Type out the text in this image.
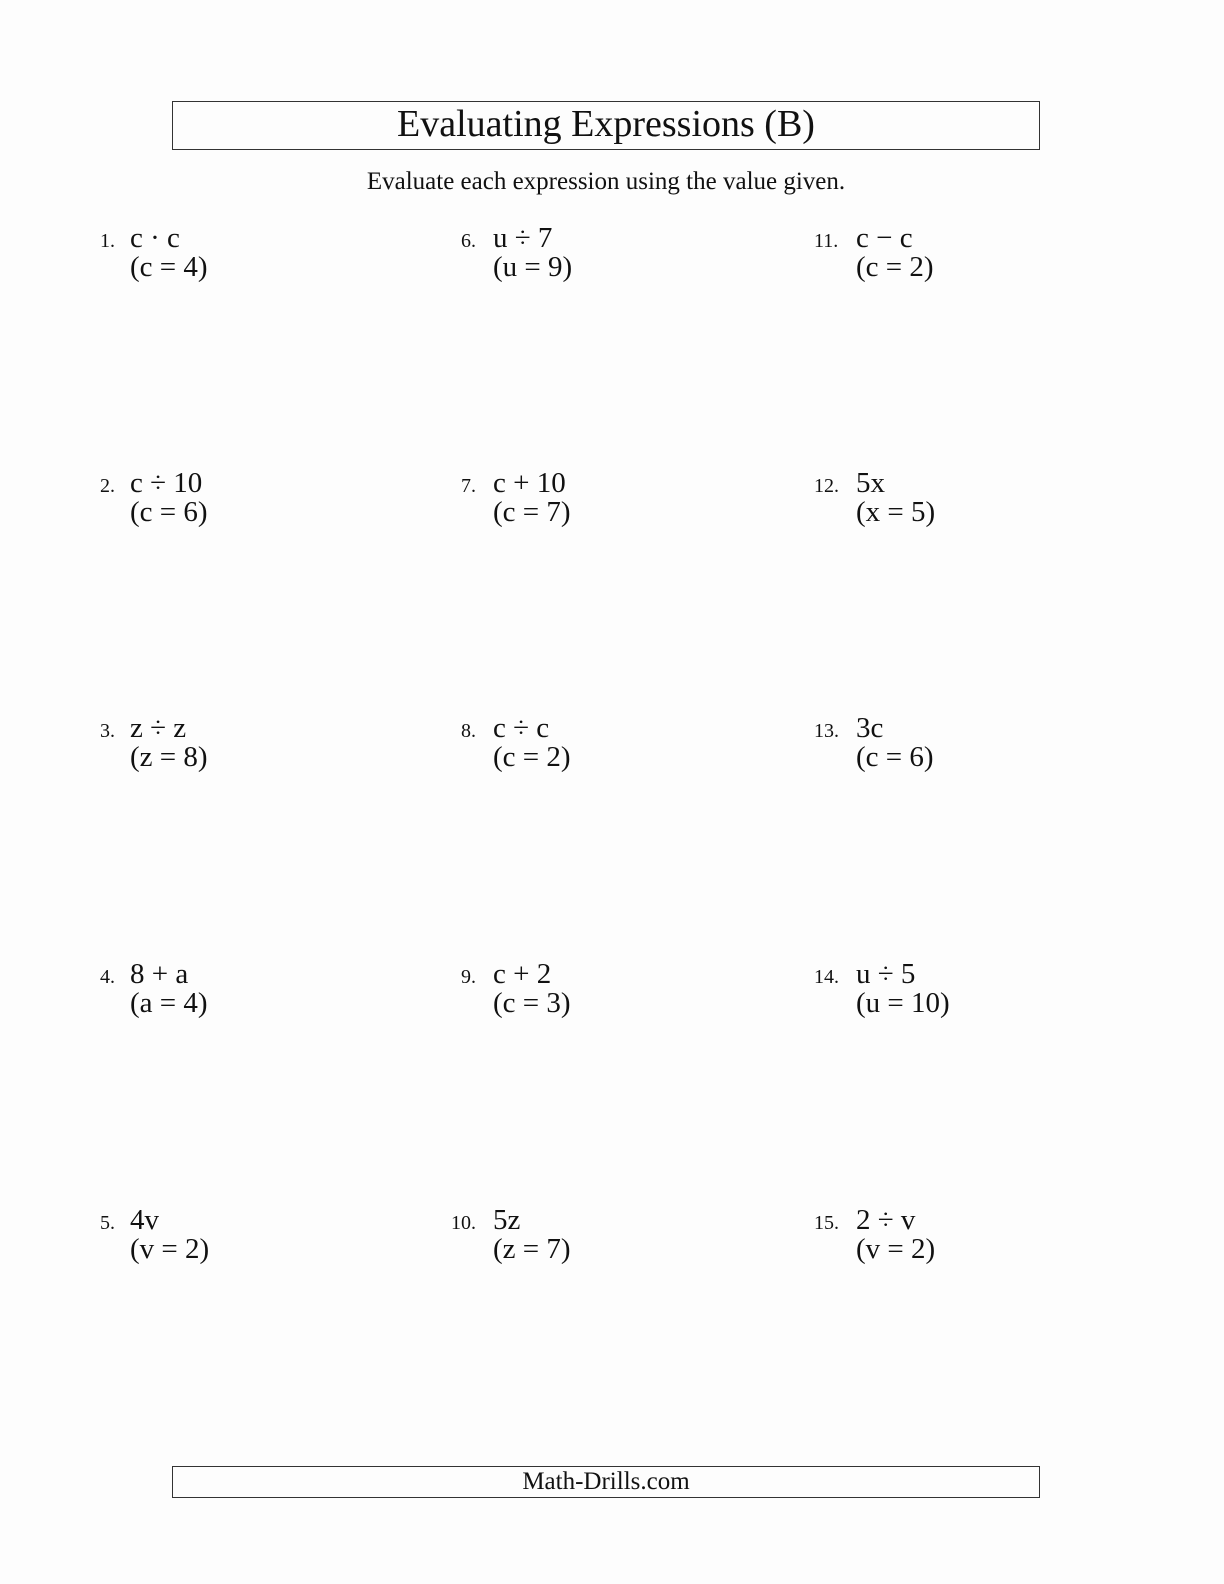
Evaluating Expressions (B)
Evaluate each expression using the value given.
1. c · c
(c = 4)
2. c ÷ 10
(c = 6)
3. z ÷ z
(z = 8)
4. 8 + a
(a = 4)
5. 4v
(v = 2)
6. u ÷ 7
(u = 9)
7. c + 10
(c = 7)
8. c ÷ c
(c = 2)
9. c + 2
(c = 3)
10. 5z
(z = 7)
11. c − c
(c = 2)
12. 5x
(x = 5)
13. 3c
(c = 6)
14. u ÷ 5
(u = 10)
15. 2 ÷ v
(v = 2)
Math-Drills.com
